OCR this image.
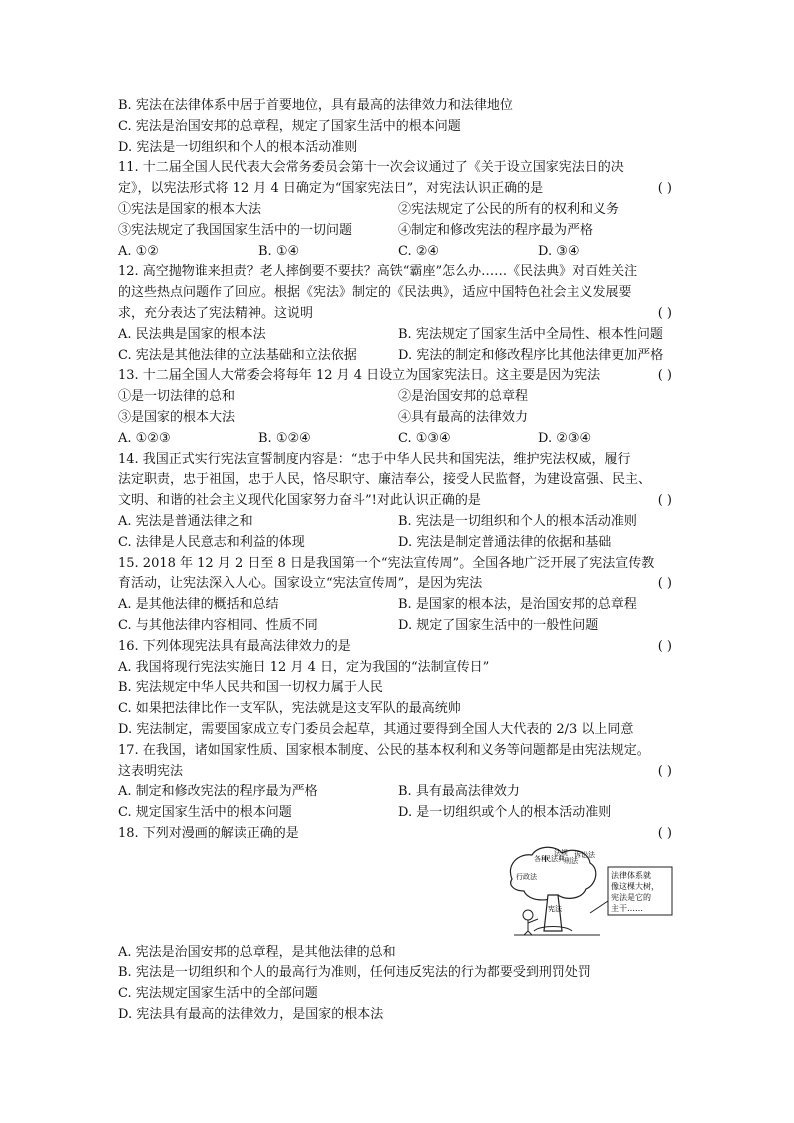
B. 宪法在法律体系中居于首要地位，具有最高的法律效力和法律地位
C. 宪法是治国安邦的总章程，规定了国家生活中的根本问题
D. 宪法是一切组织和个人的根本活动准则
11. 十二届全国人民代表大会常务委员会第十一次会议通过了《关于设立国家宪法日的决
定》，以宪法形式将 12 月 4 日确定为“国家宪法日”，对宪法认识正确的是	( )
①宪法是国家的根本大法	②宪法规定了公民的所有的权利和义务
③宪法规定了我国国家生活中的一切问题	④制定和修改宪法的程序最为严格
A. ①②	B. ①④	C. ②④	D. ③④
12. 高空抛物谁来担责？老人摔倒要不要扶？高铁“霸座”怎么办……《民法典》对百姓关注
的这些热点问题作了回应。根据《宪法》制定的《民法典》，适应中国特色社会主义发展要
求，充分表达了宪法精神。这说明	( )
A. 民法典是国家的根本法	B. 宪法规定了国家生活中全局性、根本性问题
C. 宪法是其他法律的立法基础和立法依据	D. 宪法的制定和修改程序比其他法律更加严格
13. 十二届全国人大常委会将每年 12 月 4 日设立为国家宪法日。这主要是因为宪法	( )
①是一切法律的总和	②是治国安邦的总章程
③是国家的根本大法	④具有最高的法律效力
A. ①②③	B. ①②④	C. ①③④	D. ②③④
14. 我国正式实行宪法宣誓制度内容是：“忠于中华人民共和国宪法，维护宪法权威，履行
法定职责，忠于祖国，忠于人民，恪尽职守、廉洁奉公，接受人民监督，为建设富强、民主、
文明、和谐的社会主义现代化国家努力奋斗”!对此认识正确的是	( )
A. 宪法是普通法律之和	B. 宪法是一切组织和个人的根本活动准则
C. 法律是人民意志和利益的体现	D. 宪法是制定普通法律的依据和基础
15. 2018 年 12 月 2 日至 8 日是我国第一个“宪法宣传周”。全国各地广泛开展了宪法宣传教
育活动，让宪法深入人心。国家设立“宪法宣传周”，是因为宪法	( )
A. 是其他法律的概括和总结	B. 是国家的根本法，是治国安邦的总章程
C. 与其他法律内容相同、性质不同	D. 规定了国家生活中的一般性问题
16. 下列体现宪法具有最高法律效力的是	( )
A. 我国将现行宪法实施日 12 月 4 日，定为我国的“法制宣传日”
B. 宪法规定中华人民共和国一切权力属于人民
C. 如果把法律比作一支军队，宪法就是这支军队的最高统帅
D. 宪法制定，需要国家成立专门委员会起草，其通过要得到全国人大代表的 2/3 以上同意
17. 在我国，诸如国家性质、国家根本制度、公民的基本权利和义务等问题都是由宪法规定。
这表明宪法	( )
A. 制定和修改宪法的程序最为严格	B. 具有最高法律效力
C. 规定国家生活中的根本问题	D. 是一切组织或个人的根本活动准则
18. 下列对漫画的解读正确的是	( )
各种
民法典
法规
刑法
诉讼法
行政法
宪法
法律体系就
像这棵大树，
宪法是它的
主干……
A. 宪法是治国安邦的总章程，是其他法律的总和
B. 宪法是一切组织和个人的最高行为准则，任何违反宪法的行为都要受到刑罚处罚
C. 宪法规定国家生活中的全部问题
D. 宪法具有最高的法律效力，是国家的根本法
